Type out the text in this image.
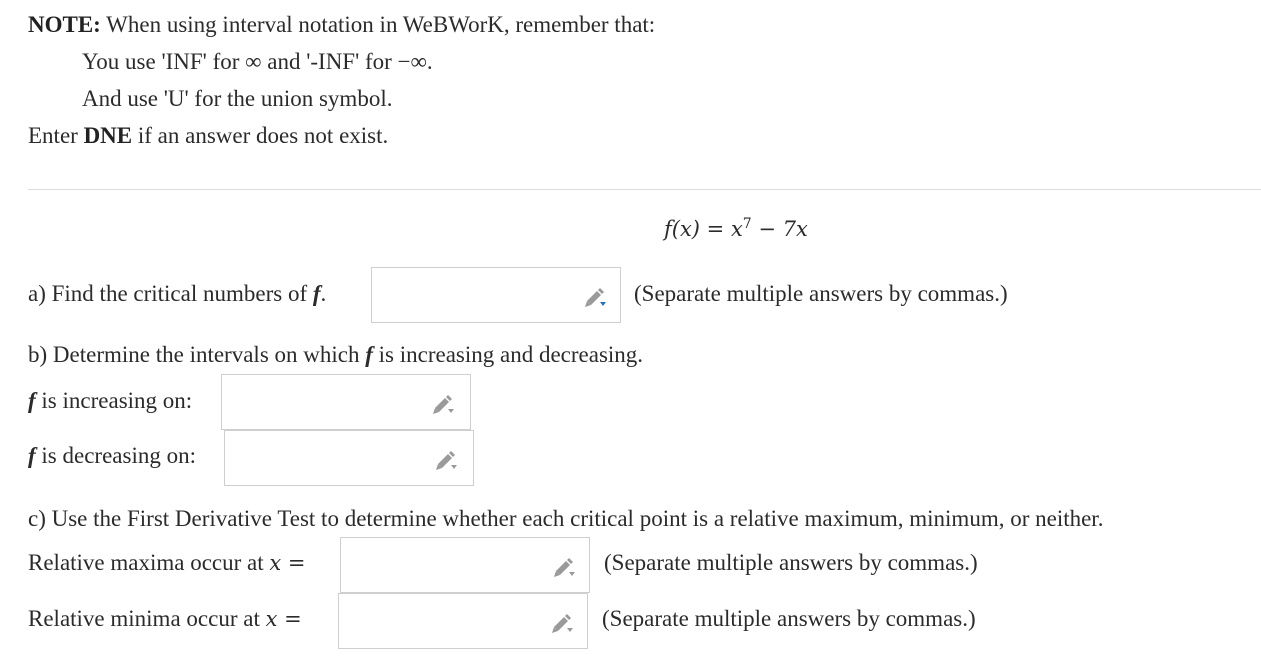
NOTE: When using interval notation in WeBWorK, remember that:
You use 'INF' for ∞ and '-INF' for −∞.
And use 'U' for the union symbol.
Enter DNE if an answer does not exist.
$f(x) = x^7 - 7x$
a) Find the critical numbers of f.	(Separate multiple answers by commas.)
b) Determine the intervals on which f is increasing and decreasing.
f is increasing on:
f is decreasing on:
c) Use the First Derivative Test to determine whether each critical point is a relative maximum, minimum, or neither.
Relative maxima occur at x =	(Separate multiple answers by commas.)
Relative minima occur at x =	(Separate multiple answers by commas.)
